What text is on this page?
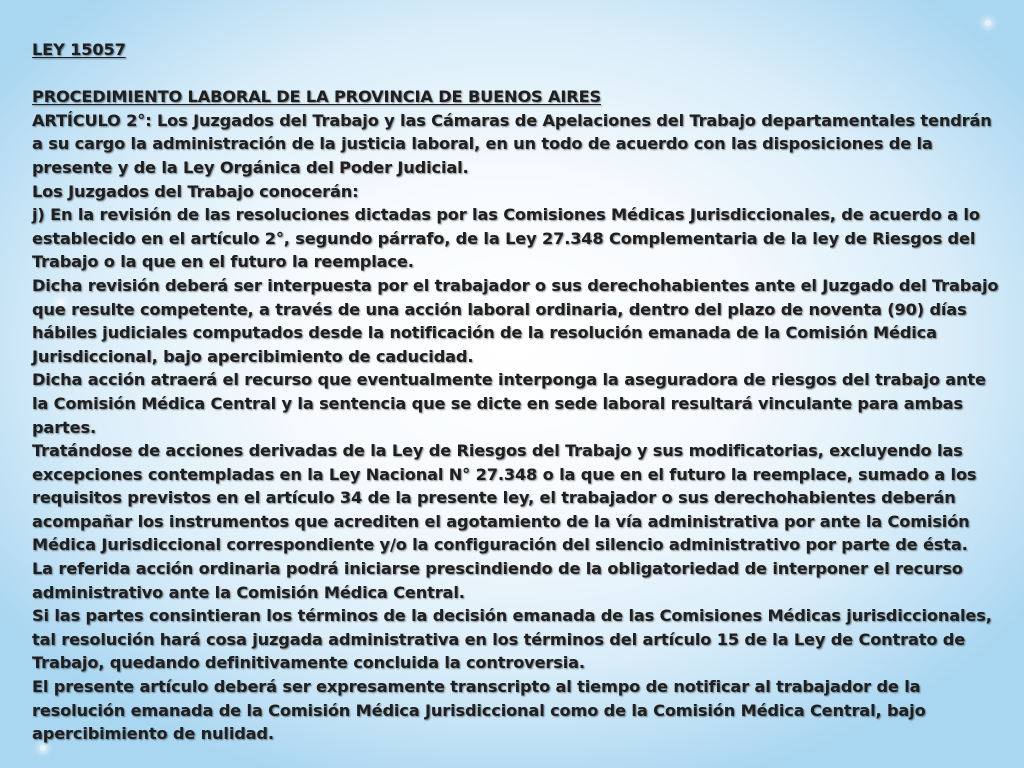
LEY 15057

PROCEDIMIENTO LABORAL DE LA PROVINCIA DE BUENOS AIRES

ARTÍCULO 2°: Los Juzgados del Trabajo y las Cámaras de Apelaciones del Trabajo departamentales tendrán a su cargo la administración de la justicia laboral, en un todo de acuerdo con las disposiciones de la presente y de la Ley Orgánica del Poder Judicial.

Los Juzgados del Trabajo conocerán:

j) En la revisión de las resoluciones dictadas por las Comisiones Médicas Jurisdiccionales, de acuerdo a lo establecido en el artículo 2°, segundo párrafo, de la Ley 27.348 Complementaria de la ley de Riesgos del Trabajo o la que en el futuro la reemplace.

Dicha revisión deberá ser interpuesta por el trabajador o sus derechohabientes ante el Juzgado del Trabajo que resulte competente, a través de una acción laboral ordinaria, dentro del plazo de noventa (90) días hábiles judiciales computados desde la notificación de la resolución emanada de la Comisión Médica Jurisdiccional, bajo apercibimiento de caducidad.

Dicha acción atraerá el recurso que eventualmente interponga la aseguradora de riesgos del trabajo ante la Comisión Médica Central y la sentencia que se dicte en sede laboral resultará vinculante para ambas partes.

Tratándose de acciones derivadas de la Ley de Riesgos del Trabajo y sus modificatorias, excluyendo las excepciones contempladas en la Ley Nacional N° 27.348 o la que en el futuro la reemplace, sumado a los requisitos previstos en el artículo 34 de la presente ley, el trabajador o sus derechohabientes deberán acompañar los instrumentos que acrediten el agotamiento de la vía administrativa por ante la Comisión Médica Jurisdiccional correspondiente y/o la configuración del silencio administrativo por parte de ésta.

La referida acción ordinaria podrá iniciarse prescindiendo de la obligatoriedad de interponer el recurso administrativo ante la Comisión Médica Central.

Si las partes consintieran los términos de la decisión emanada de las Comisiones Médicas jurisdiccionales, tal resolución hará cosa juzgada administrativa en los términos del artículo 15 de la Ley de Contrato de Trabajo, quedando definitivamente concluida la controversia.

El presente artículo deberá ser expresamente transcripto al tiempo de notificar al trabajador de la resolución emanada de la Comisión Médica Jurisdiccional como de la Comisión Médica Central, bajo apercibimiento de nulidad.
